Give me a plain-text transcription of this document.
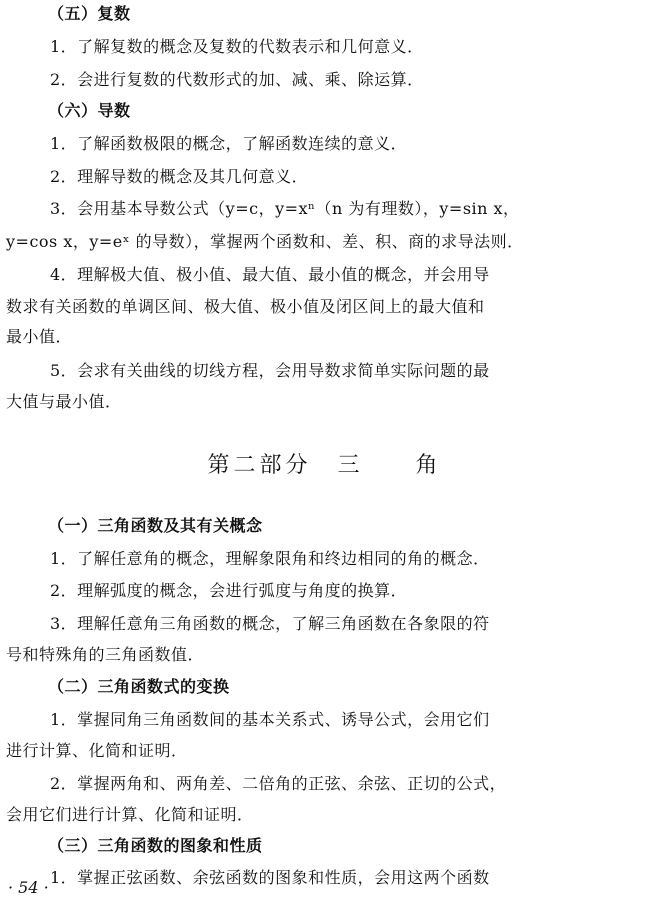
（五）复数
1．了解复数的概念及复数的代数表示和几何意义．
2．会进行复数的代数形式的加、减、乘、除运算．
（六）导数
1．了解函数极限的概念，了解函数连续的意义．
2．理解导数的概念及其几何意义．
3．会用基本导数公式（y=c，y=xⁿ（n 为有理数），y=sin x，
y=cos x，y=eˣ 的导数），掌握两个函数和、差、积、商的求导法则．
4．理解极大值、极小值、最大值、最小值的概念，并会用导
数求有关函数的单调区间、极大值、极小值及闭区间上的最大值和
最小值．
5．会求有关曲线的切线方程，会用导数求简单实际问题的最
大值与最小值．
第二部分　三　　角
（一）三角函数及其有关概念
1．了解任意角的概念，理解象限角和终边相同的角的概念．
2．理解弧度的概念，会进行弧度与角度的换算．
3．理解任意角三角函数的概念，了解三角函数在各象限的符
号和特殊角的三角函数值．
（二）三角函数式的变换
1．掌握同角三角函数间的基本关系式、诱导公式，会用它们
进行计算、化简和证明．
2．掌握两角和、两角差、二倍角的正弦、余弦、正切的公式，
会用它们进行计算、化简和证明．
（三）三角函数的图象和性质
1．掌握正弦函数、余弦函数的图象和性质，会用这两个函数
· 54 ·
